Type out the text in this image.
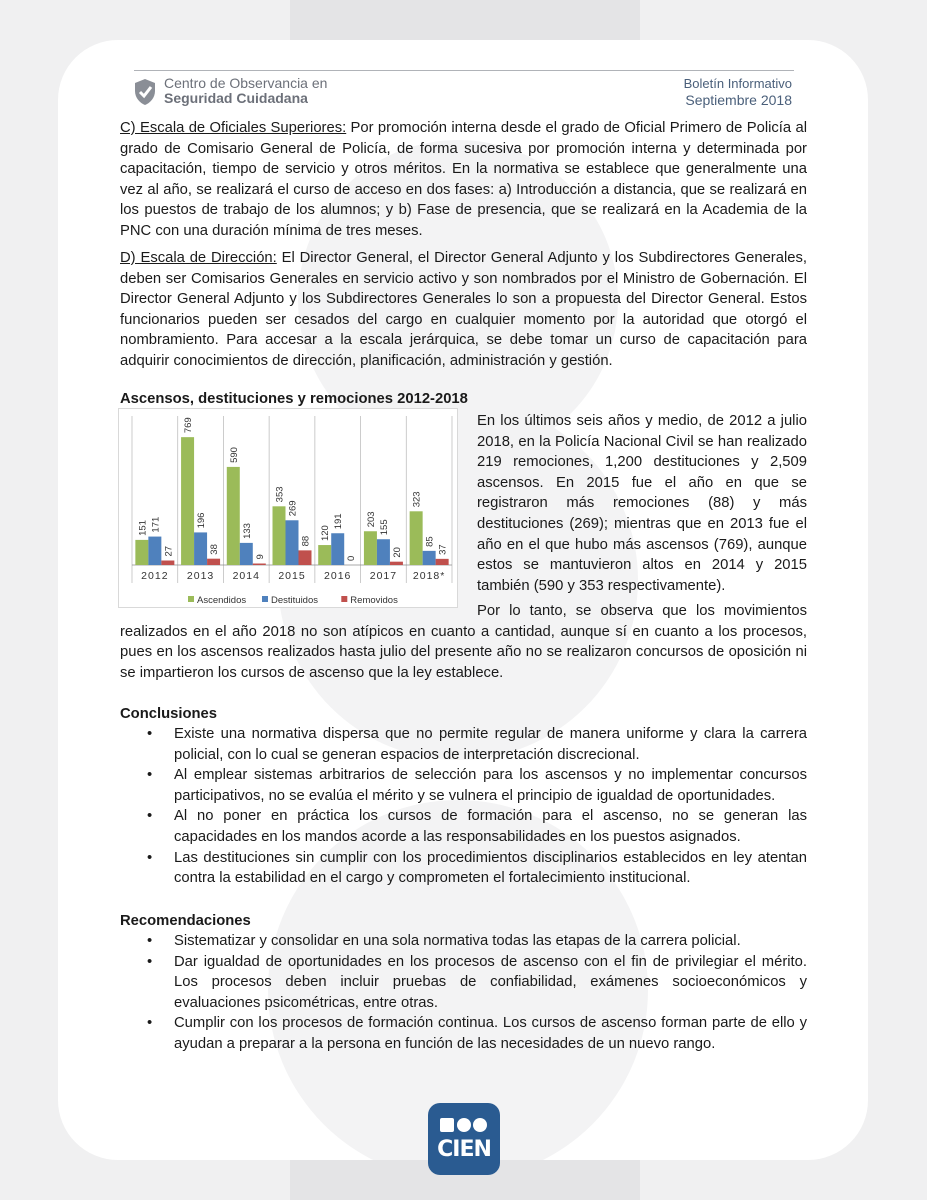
Centro de Observancia en
Seguridad Cuidadana
Boletín Informativo
Septiembre 2018
C) Escala de Oficiales Superiores: Por promoción interna desde el grado de Oficial Primero de Policía al grado de Comisario General de Policía, de forma sucesiva por promoción interna y determinada por capacitación, tiempo de servicio y otros méritos. En la normativa se establece que generalmente una vez al año, se realizará el curso de acceso en dos fases: a) Introducción a distancia, que se realizará en los puestos de trabajo de los alumnos; y b) Fase de presencia, que se realizará en la Academia de la PNC con una duración mínima de tres meses.
D) Escala de Dirección: El Director General, el Director General Adjunto y los Subdirectores Generales, deben ser Comisarios Generales en servicio activo y son nombrados por el Ministro de Gobernación. El Director General Adjunto y los Subdirectores Generales lo son a propuesta del Director General. Estos funcionarios pueden ser cesados del cargo en cualquier momento por la autoridad que otorgó el nombramiento. Para accesar a la escala jerárquica, se debe tomar un curso de capacitación para adquirir conocimientos de dirección, planificación, administración y gestión.
Ascensos, destituciones y remociones 2012-2018
151 171
27
2012
769
196
38
2013
590
133
9
2014
353
269
88
2015
120
191
0
2016
203
155
20
2017
323
85
37
2018*
Ascendidos	Destituidos	Removidos
En los últimos seis años y medio, de 2012 a julio 2018, en la Policía Nacional Civil se han realizado 219 remociones, 1,200 destituciones y 2,509 ascensos. En 2015 fue el año en que se registraron más remociones (88) y más destituciones (269); mientras que en 2013 fue el año en el que hubo más ascensos (769), aunque estos se mantuvieron altos en 2014 y 2015 también (590 y 353 respectivamente).
Por lo tanto, se observa que los movimientos realizados en el año 2018 no son atípicos en cuanto a cantidad, aunque sí en cuanto a los procesos, pues en los ascensos realizados hasta julio del presente año no se realizaron concursos de oposición ni se impartieron los cursos de ascenso que la ley establece.
Conclusiones
• Existe una normativa dispersa que no permite regular de manera uniforme y clara la carrera policial, con lo cual se generan espacios de interpretación discrecional.
• Al emplear sistemas arbitrarios de selección para los ascensos y no implementar concursos participativos, no se evalúa el mérito y se vulnera el principio de igualdad de oportunidades.
• Al no poner en práctica los cursos de formación para el ascenso, no se generan las capacidades en los mandos acorde a las responsabilidades en los puestos asignados.
• Las destituciones sin cumplir con los procedimientos disciplinarios establecidos en ley atentan contra la estabilidad en el cargo y comprometen el fortalecimiento institucional.
Recomendaciones
• Sistematizar y consolidar en una sola normativa todas las etapas de la carrera policial.
• Dar igualdad de oportunidades en los procesos de ascenso con el fin de privilegiar el mérito. Los procesos deben incluir pruebas de confiabilidad, exámenes socioeconómicos y evaluaciones psicométricas, entre otras.
• Cumplir con los procesos de formación continua. Los cursos de ascenso forman parte de ello y ayudan a preparar a la persona en función de las necesidades de un nuevo rango.
CIEN
